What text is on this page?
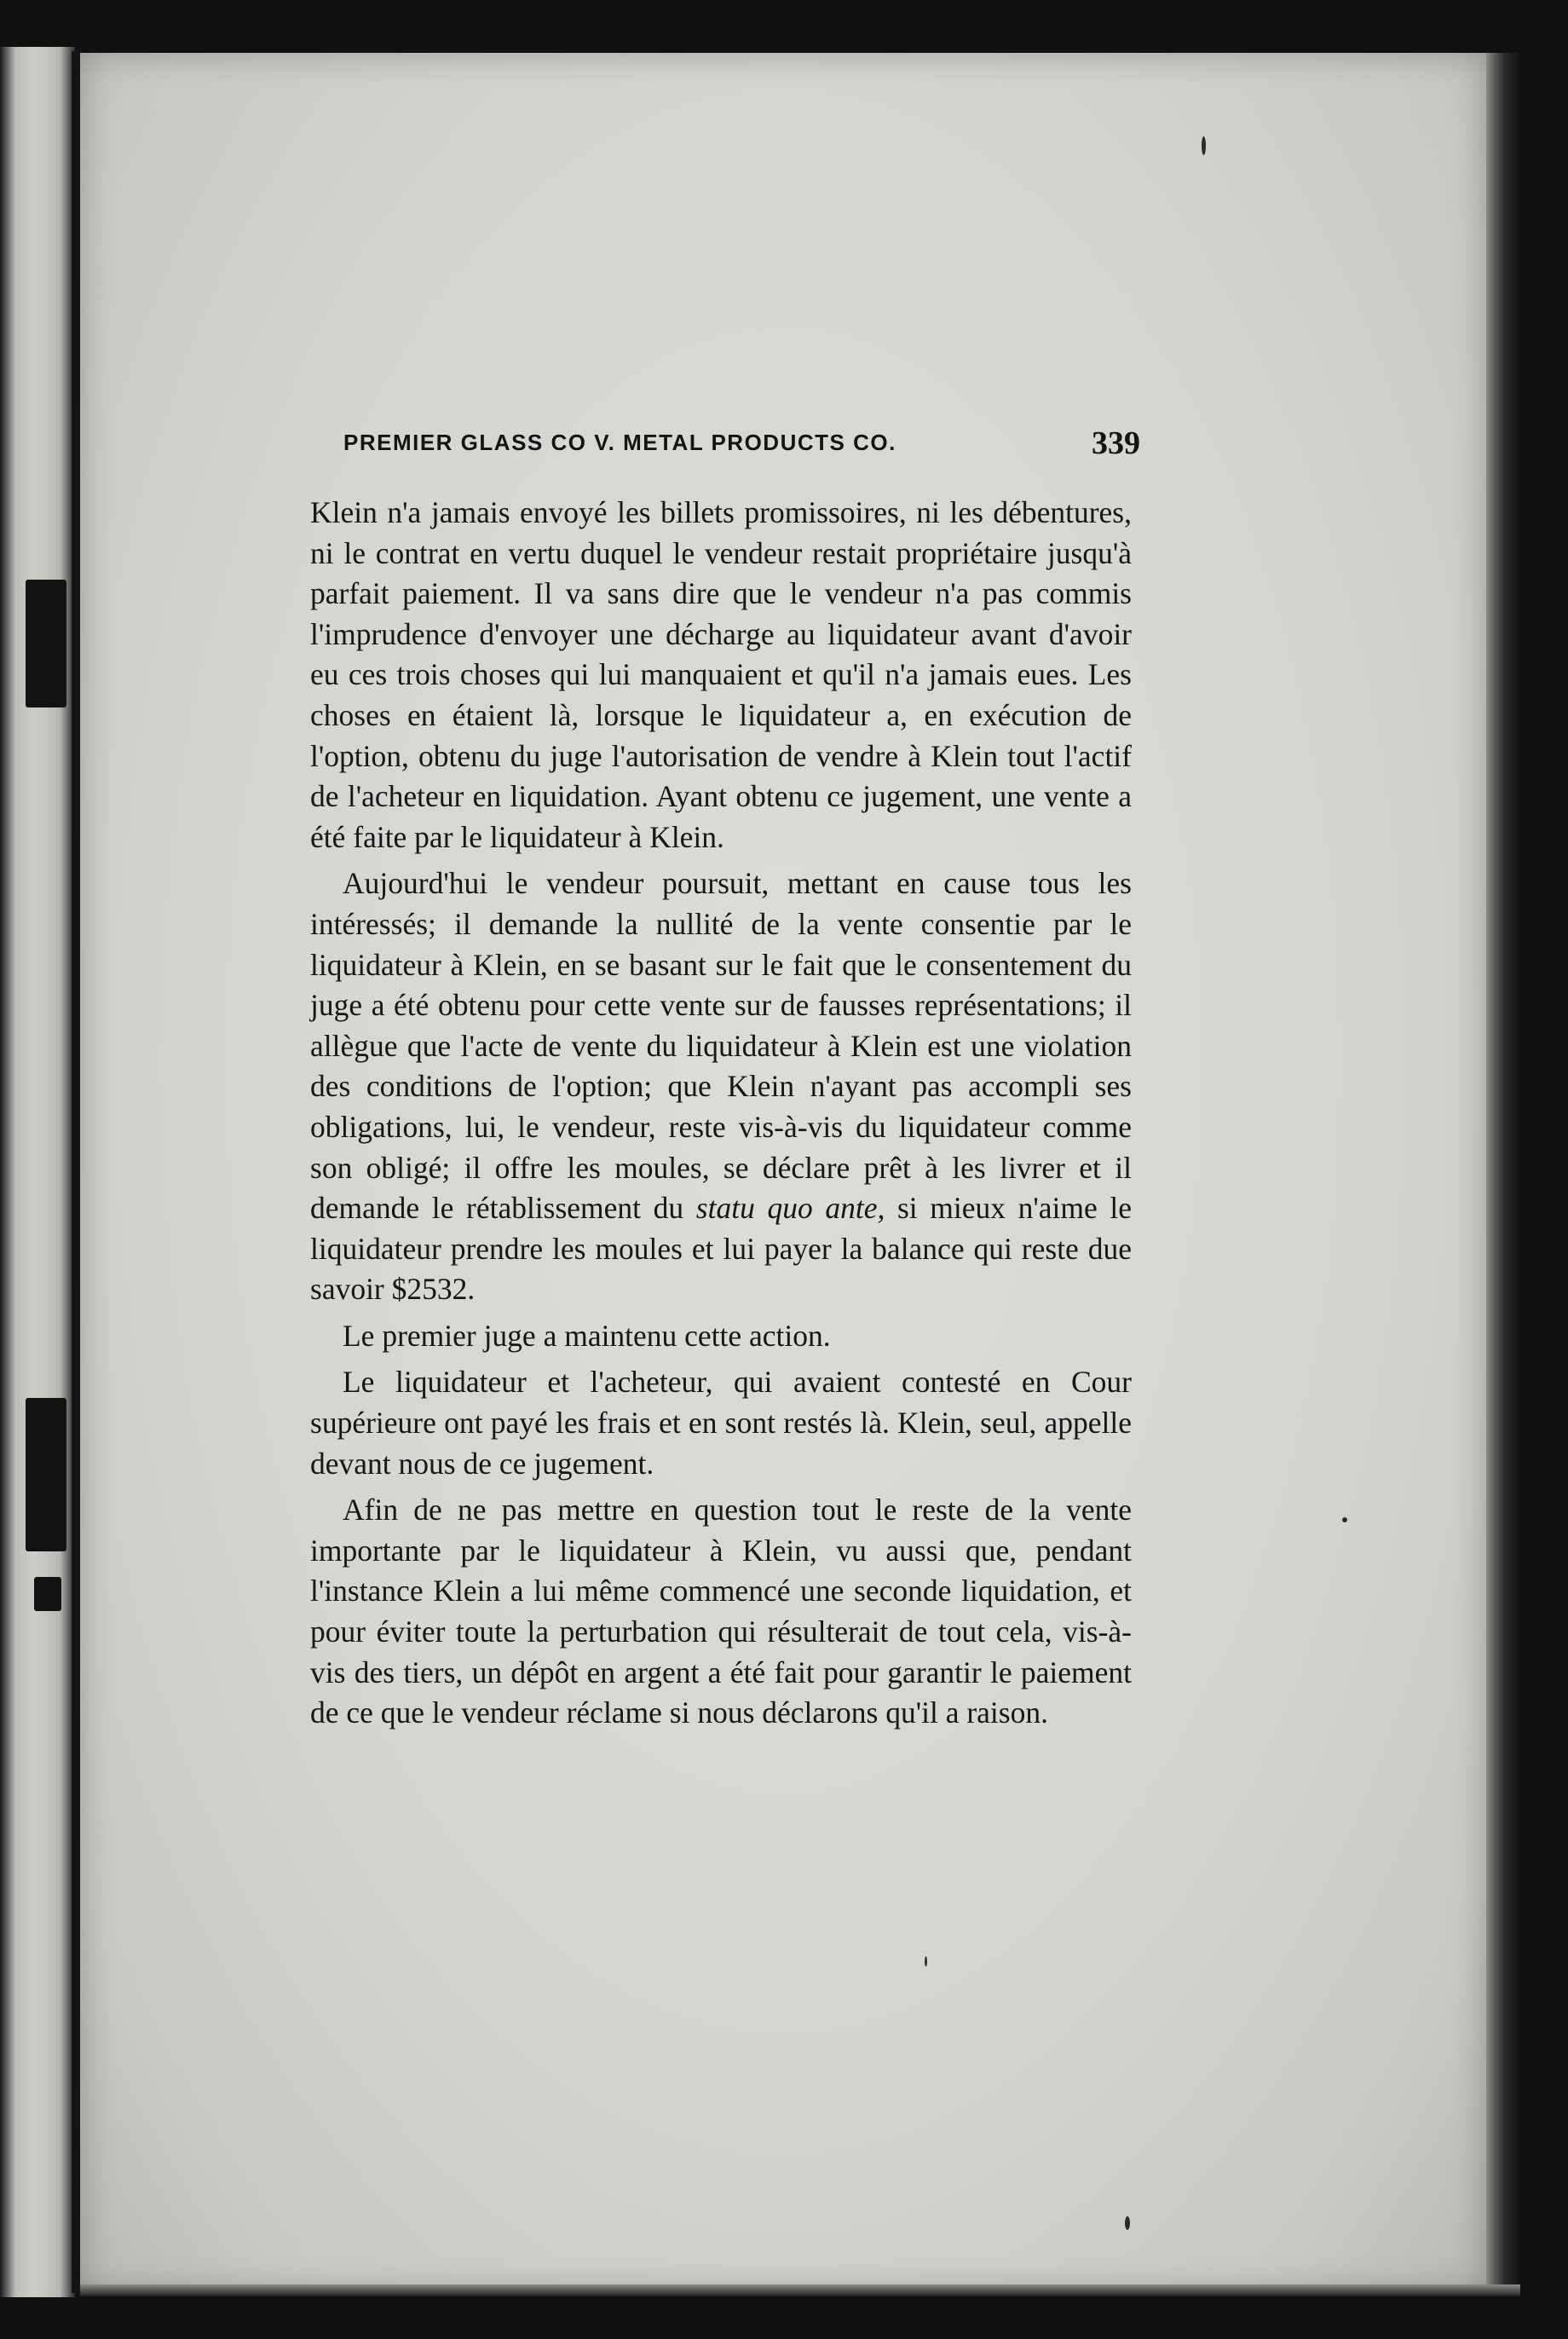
PREMIER GLASS CO V. METAL PRODUCTS CO.	339

Klein n'a jamais envoyé les billets promissoires, ni les débentures, ni le contrat en vertu duquel le vendeur restait propriétaire jusqu'à parfait paiement. Il va sans dire que le vendeur n'a pas commis l'imprudence d'envoyer une décharge au liquidateur avant d'avoir eu ces trois choses qui lui manquaient et qu'il n'a jamais eues. Les choses en étaient là, lorsque le liquidateur a, en exécution de l'option, obtenu du juge l'autorisation de vendre à Klein tout l'actif de l'acheteur en liquidation. Ayant obtenu ce jugement, une vente a été faite par le liquidateur à Klein.

Aujourd'hui le vendeur poursuit, mettant en cause tous les intéressés; il demande la nullité de la vente consentie par le liquidateur à Klein, en se basant sur le fait que le consentement du juge a été obtenu pour cette vente sur de fausses représentations; il allègue que l'acte de vente du liquidateur à Klein est une violation des conditions de l'option; que Klein n'ayant pas accompli ses obligations, lui, le vendeur, reste vis-à-vis du liquidateur comme son obligé; il offre les moules, se déclare prêt à les livrer et il demande le rétablissement du statu quo ante, si mieux n'aime le liquidateur prendre les moules et lui payer la balance qui reste due savoir $2532.

Le premier juge a maintenu cette action.

Le liquidateur et l'acheteur, qui avaient contesté en Cour supérieure ont payé les frais et en sont restés là. Klein, seul, appelle devant nous de ce jugement.

Afin de ne pas mettre en question tout le reste de la vente importante par le liquidateur à Klein, vu aussi que, pendant l'instance Klein a lui même commencé une seconde liquidation, et pour éviter toute la perturbation qui résulterait de tout cela, vis-à-vis des tiers, un dépôt en argent a été fait pour garantir le paiement de ce que le vendeur réclame si nous déclarons qu'il a raison.
